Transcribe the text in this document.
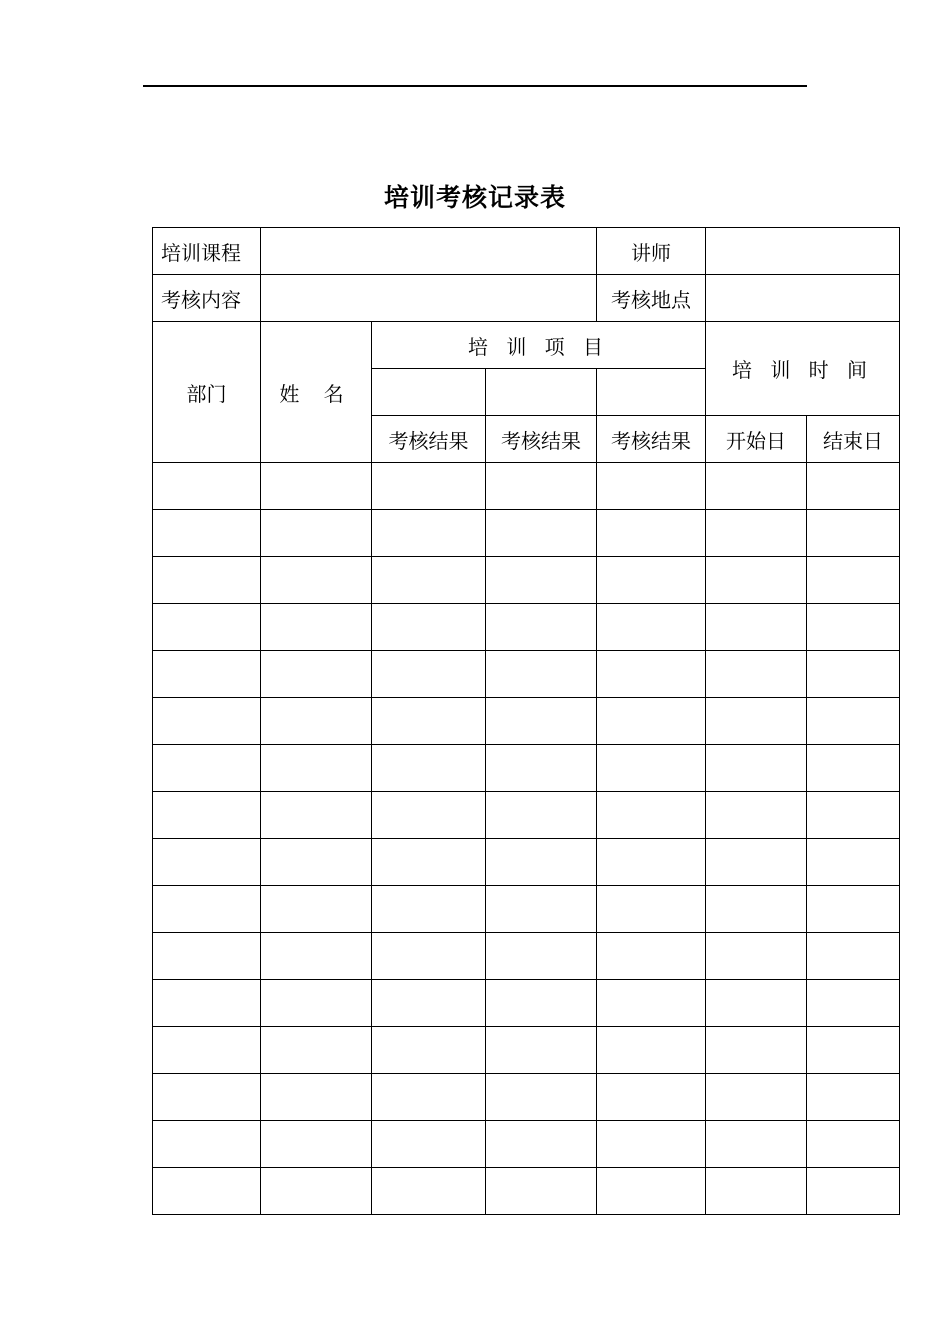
培训考核记录表
培训课程				讲师		
考核内容				考核地点		
部门	姓 名	培 训 项 目			培 训 时 间	

		考核结果	考核结果	考核结果	开始日	结束日
